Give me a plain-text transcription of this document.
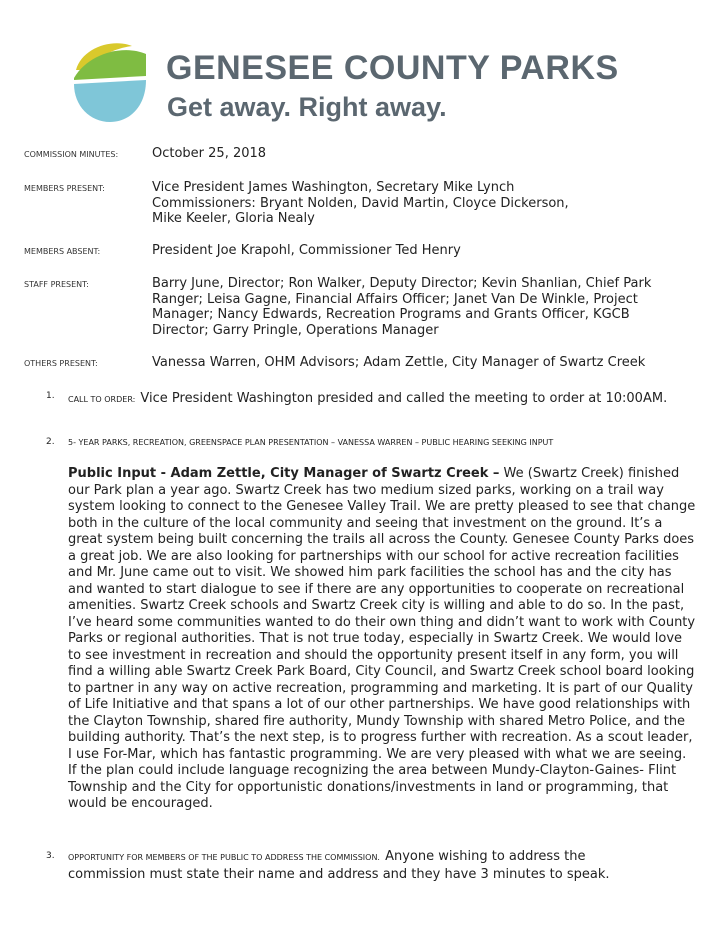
GENESEE COUNTY PARKS
Get away. Right away.
COMMISSION MINUTES:	October 25, 2018
MEMBERS PRESENT:	Vice President James Washington, Secretary Mike Lynch
Commissioners: Bryant Nolden, David Martin, Cloyce Dickerson,
Mike Keeler, Gloria Nealy
MEMBERS ABSENT:	President Joe Krapohl, Commissioner Ted Henry
STAFF PRESENT:	Barry June, Director; Ron Walker, Deputy Director; Kevin Shanlian, Chief Park
Ranger; Leisa Gagne, Financial Affairs Officer; Janet Van De Winkle, Project
Manager; Nancy Edwards, Recreation Programs and Grants Officer, KGCB
Director; Garry Pringle, Operations Manager
OTHERS PRESENT:	Vanessa Warren, OHM Advisors; Adam Zettle, City Manager of Swartz Creek
1. CALL TO ORDER: Vice President Washington presided and called the meeting to order at 10:00AM.
2. 5- YEAR PARKS, RECREATION, GREENSPACE PLAN PRESENTATION – VANESSA WARREN – PUBLIC HEARING SEEKING INPUT

Public Input - Adam Zettle, City Manager of Swartz Creek – We (Swartz Creek) finished our Park plan a year ago. Swartz Creek has two medium sized parks, working on a trail way system looking to connect to the Genesee Valley Trail. We are pretty pleased to see that change both in the culture of the local community and seeing that investment on the ground. It’s a great system being built concerning the trails all across the County. Genesee County Parks does a great job. We are also looking for partnerships with our school for active recreation facilities and Mr. June came out to visit. We showed him park facilities the school has and the city has and wanted to start dialogue to see if there are any opportunities to cooperate on recreational amenities. Swartz Creek schools and Swartz Creek city is willing and able to do so. In the past, I’ve heard some communities wanted to do their own thing and didn’t want to work with County Parks or regional authorities. That is not true today, especially in Swartz Creek. We would love to see investment in recreation and should the opportunity present itself in any form, you will find a willing able Swartz Creek Park Board, City Council, and Swartz Creek school board looking to partner in any way on active recreation, programming and marketing. It is part of our Quality of Life Initiative and that spans a lot of our other partnerships. We have good relationships with the Clayton Township, shared fire authority, Mundy Township with shared Metro Police, and the building authority. That’s the next step, is to progress further with recreation. As a scout leader, I use For-Mar, which has fantastic programming. We are very pleased with what we are seeing. If the plan could include language recognizing the area between Mundy-Clayton-Gaines- Flint Township and the City for opportunistic donations/investments in land or programming, that would be encouraged.

3. OPPORTUNITY FOR MEMBERS OF THE PUBLIC TO ADDRESS THE COMMISSION. Anyone wishing to address the
commission must state their name and address and they have 3 minutes to speak.
